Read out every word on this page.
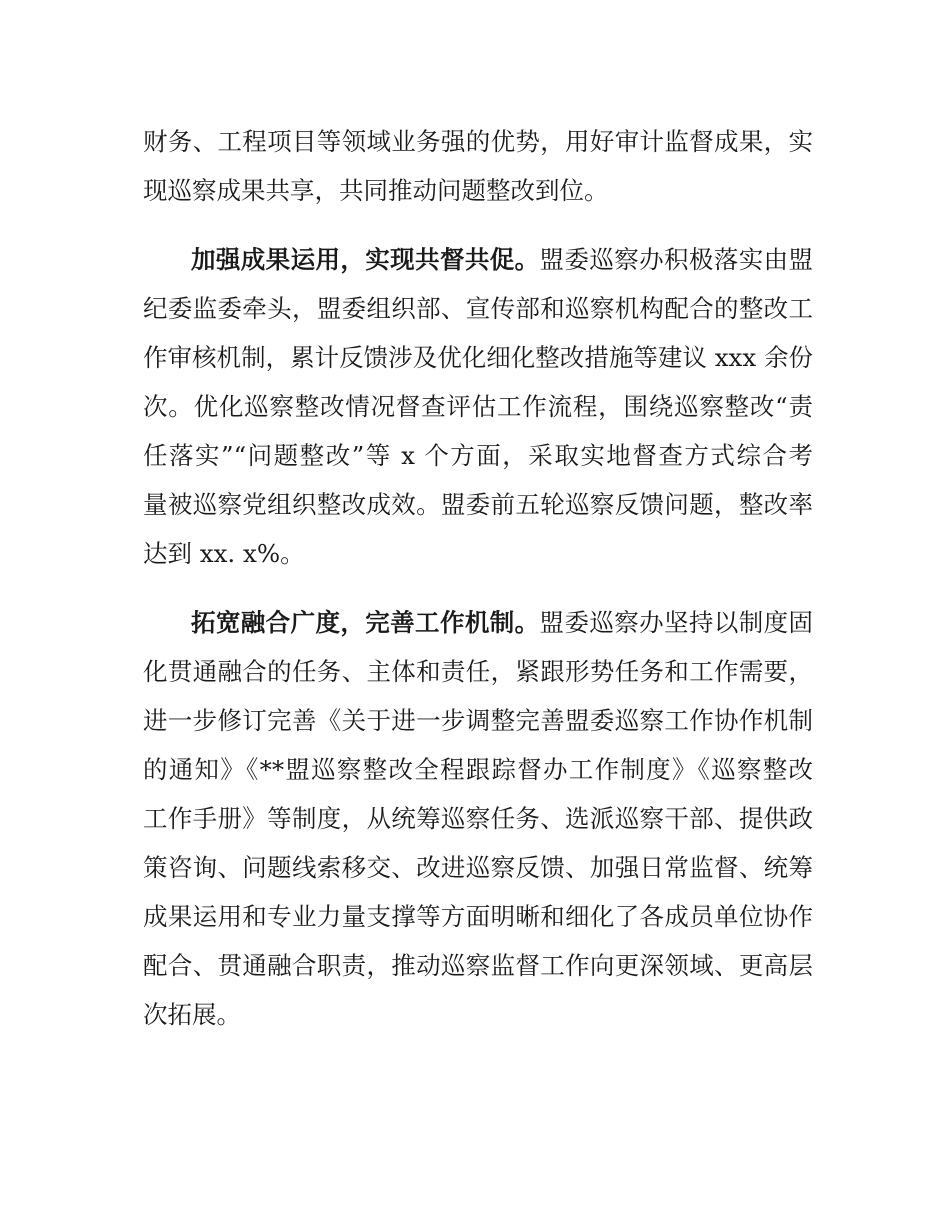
财务、工程项目等领域业务强的优势，用好审计监督成果，实
现巡察成果共享，共同推动问题整改到位。
加强成果运用，实现共督共促。盟委巡察办积极落实由盟
纪委监委牵头，盟委组织部、宣传部和巡察机构配合的整改工
作审核机制，累计反馈涉及优化细化整改措施等建议 xxx 余份
次。优化巡察整改情况督查评估工作流程，围绕巡察整改“责
任落实”“问题整改”等 x 个方面，采取实地督查方式综合考
量被巡察党组织整改成效。盟委前五轮巡察反馈问题，整改率
达到 xx. x%。
拓宽融合广度，完善工作机制。盟委巡察办坚持以制度固
化贯通融合的任务、主体和责任，紧跟形势任务和工作需要，
进一步修订完善《关于进一步调整完善盟委巡察工作协作机制
的通知》《**盟巡察整改全程跟踪督办工作制度》《巡察整改
工作手册》等制度，从统筹巡察任务、选派巡察干部、提供政
策咨询、问题线索移交、改进巡察反馈、加强日常监督、统筹
成果运用和专业力量支撑等方面明晰和细化了各成员单位协作
配合、贯通融合职责，推动巡察监督工作向更深领域、更高层
次拓展。
